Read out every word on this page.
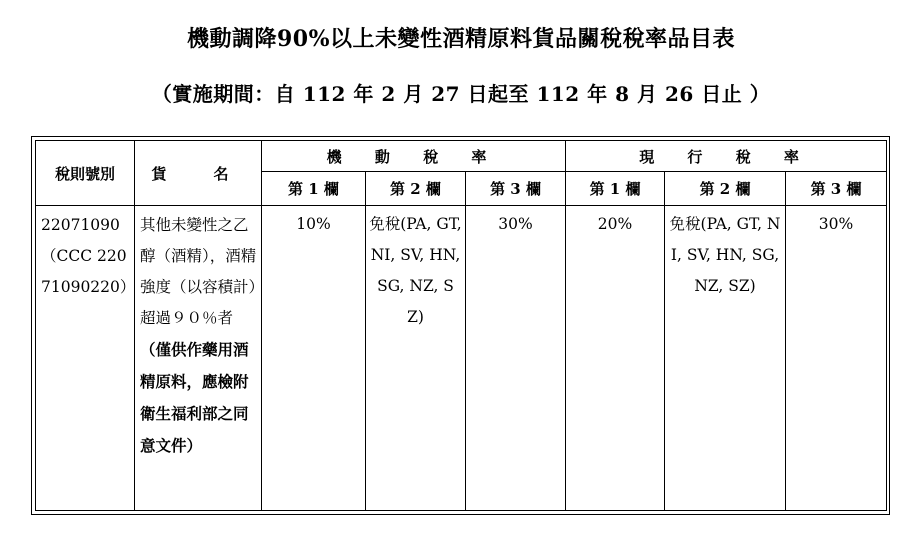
機動調降90%以上未變性酒精原料貨品關稅稅率品目表
（實施期間：自 112 年 2 月 27 日起至 112 年 8 月 26 日止 ）
稅則號別	貨　名	機 動 稅 率			現 行 稅 率		
		第 1 欄	第 2 欄	第 3 欄	第 1 欄	第 2 欄	第 3 欄
22071090（CCC 22071090220）	其他未變性之乙醇（酒精），酒精強度（以容積計）超過９０％者（僅供作藥用酒精原料，應檢附衛生福利部之同意文件）	10%	免稅(PA, GT, NI, SV, HN, SG, NZ, SZ)	30%	20%	免稅(PA, GT, NI, SV, HN, SG, NZ, SZ)	30%
